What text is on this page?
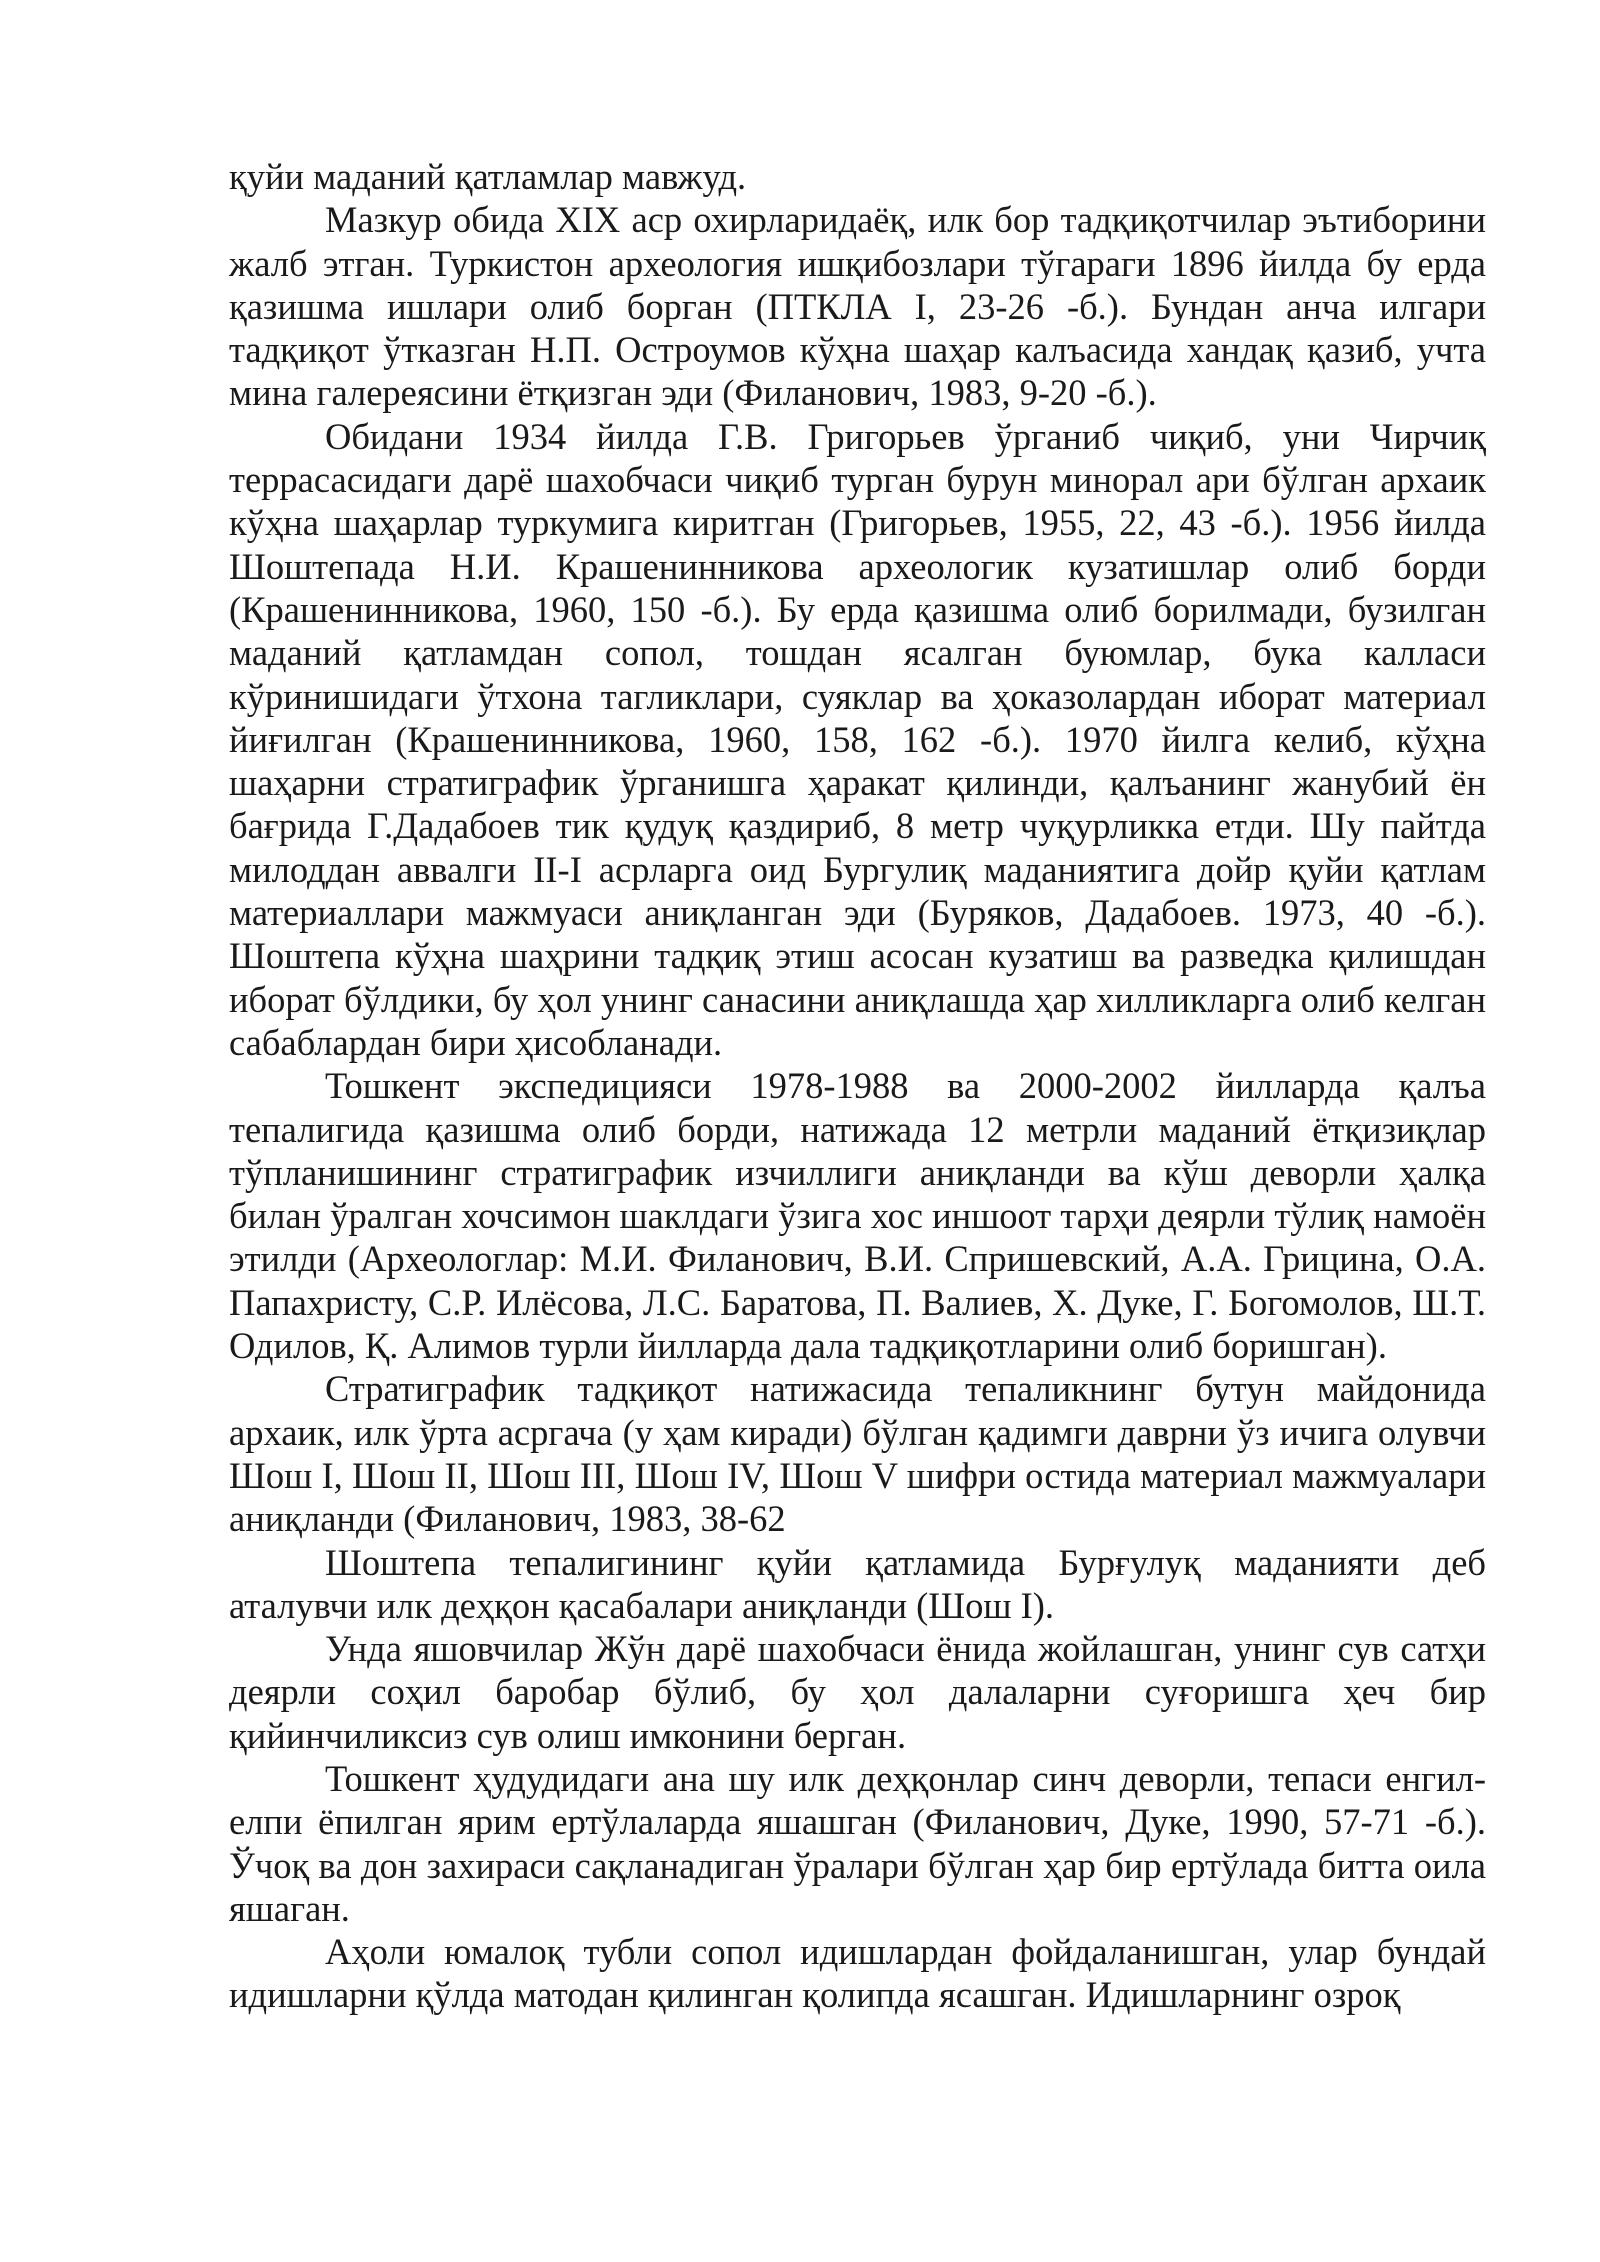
қуйи маданий қатламлар мавжуд.

Мазкур обида XIX аср охирларидаёқ, илк бор тадқиқотчилар эътиборини жалб этган. Туркистон археология ишқибозлари тўгараги 1896 йилда бу ерда қазишма ишлари олиб борган (ПТКЛА I, 23-26 -б.). Бундан анча илгари тадқиқот ўтказган Н.П. Остроумов кўҳна шаҳар калъасида хандақ қазиб, учта мина галереясини ётқизган эди (Филанович, 1983, 9-20 -б.).

Обидани 1934 йилда Г.В. Григорьев ўрганиб чиқиб, уни Чирчиқ террасасидаги дарё шахобчаси чиқиб турган бурун минорал ари бўлган архаик кўҳна шаҳарлар туркумига киритган (Григорьев, 1955, 22, 43 -б.). 1956 йилда Шоштепада Н.И. Крашенинникова археологик кузатишлар олиб борди (Крашенинникова, 1960, 150 -б.). Бу ерда қазишма олиб борилмади, бузилган маданий қатламдан сопол, тошдан ясалган буюмлар, бука калласи кўринишидаги ўтхона тагликлари, суяклар ва ҳоказолардан иборат материал йиғилган (Крашенинникова, 1960, 158, 162 -б.). 1970 йилга келиб, кўҳна шаҳарни стратиграфик ўрганишга ҳаракат қилинди, қалъанинг жанубий ён бағрида Г.Дадабоев тик қудуқ қаздириб, 8 метр чуқурликка етди. Шу пайтда милоддан аввалги II-I асрларга оид Бургулиқ маданиятига дойр қуйи қатлам материаллари мажмуаси аниқланган эди (Буряков, Дадабоев. 1973, 40 -б.). Шоштепа кўҳна шаҳрини тадқиқ этиш асосан кузатиш ва разведка қилишдан иборат бўлдики, бу ҳол унинг санасини аниқлашда ҳар хилликларга олиб келган сабаблардан бири ҳисобланади.

Тошкент экспедицияси 1978-1988 ва 2000-2002 йилларда қалъа тепалигида қазишма олиб борди, натижада 12 метрли маданий ётқизиқлар тўпланишининг стратиграфик изчиллиги аниқланди ва кўш деворли ҳалқа билан ўралган хочсимон шаклдаги ўзига хос иншоот тарҳи деярли тўлиқ намоён этилди (Археологлар: М.И. Филанович, В.И. Спришевский, А.А. Грицина, О.А. Папахристу, С.Р. Илёсова, Л.С. Баратова, П. Валиев, Х. Дуке, Г. Богомолов, Ш.Т. Одилов, Қ. Алимов турли йилларда дала тадқиқотларини олиб боришган).

Стратиграфик тадқиқот натижасида тепаликнинг бутун майдонида архаик, илк ўрта асргача (у ҳам киради) бўлган қадимги даврни ўз ичига олувчи Шош I, Шош II, Шош III, Шош IV, Шош V шифри остида материал мажмуалари аниқланди (Филанович, 1983, 38-62

Шоштепа тепалигининг қуйи қатламида Бурғулуқ маданияти деб аталувчи илк деҳқон қасабалари аниқланди (Шош I).

Унда яшовчилар Жўн дарё шахобчаси ёнида жойлашган, унинг сув сатҳи деярли соҳил баробар бўлиб, бу ҳол далаларни суғоришга ҳеч бир қийинчиликсиз сув олиш имконини берган.

Тошкент ҳудудидаги ана шу илк деҳқонлар синч деворли, тепаси енгил-елпи ёпилган ярим ертўлаларда яшашган (Филанович, Дуке, 1990, 57-71 -б.). Ўчоқ ва дон захираси сақланадиган ўралари бўлган ҳар бир ертўлада битта оила яшаган.

Аҳоли юмалоқ тубли сопол идишлардан фойдаланишган, улар бундай идишларни қўлда матодан қилинган қолипда ясашган. Идишларнинг озроқ
